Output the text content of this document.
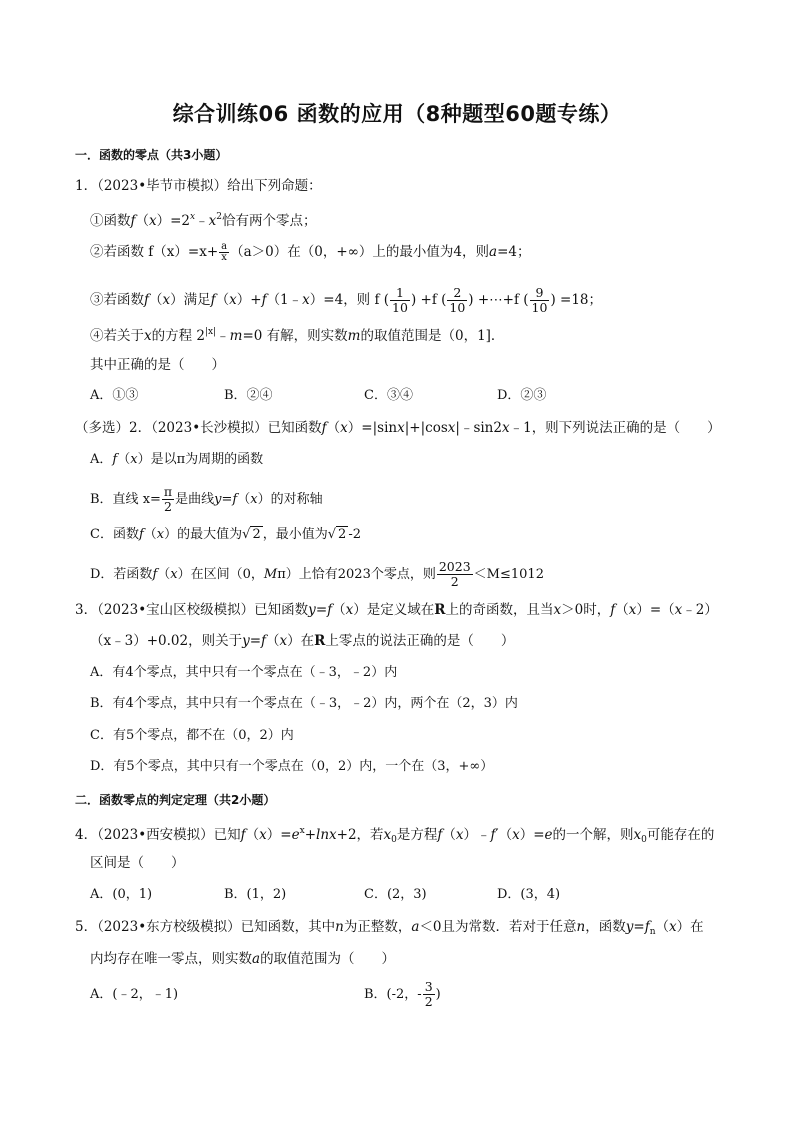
综合训练06 函数的应用（8种题型60题专练）
一．函数的零点（共3小题）
1．（2023•毕节市模拟）给出下列命题：
①函数$f(x)=2^x﹣x^2$恰有两个零点；
②若函数 $f(x)=x+ \frac{a}{x} (a>0)$在（0，+∞）上的最小值为4，则a=4；
③若函数f（x）满足f（x）+f（1﹣x）=4，则 f ( $\frac{1}{10}$ ) +f ( $\frac{2}{10}$ ) +⋯+f ( $\frac{9}{10}$ ) =18；
④若关于x的方程 $2^{|x|}﹣m=0$ 有解，则实数m的取值范围是（0，1]．
其中正确的是（　　）
A．①③	B．②④	C．③④	D．②③
（多选）2．（2023•长沙模拟）已知函数f（x）=|sinx|+|cosx|﹣sin2x﹣1，则下列说法正确的是（　　）
A．f（x）是以π为周期的函数
B．直线 $x= \frac{\pi}{2}$ 是曲线y=f（x）的对称轴
C．函数f（x）的最大值为√ 2 ，最小值为√ 2 -2
D．若函数f（x）在区间（0，Mπ）上恰有2023个零点，则 $\frac{2023}{2} <M\le 1012$
3．（2023•宝山区校级模拟）已知函数y=f（x）是定义域在R上的奇函数，且当x＞0时，f（x）=（x﹣2）
（x﹣3）+0.02，则关于y=f（x）在R上零点的说法正确的是（　　）
A．有4个零点，其中只有一个零点在（﹣3，﹣2）内
B．有4个零点，其中只有一个零点在（﹣3，﹣2）内，两个在（2，3）内
C．有5个零点，都不在（0，2）内
D．有5个零点，其中只有一个零点在（0，2）内，一个在（3，+∞）
二．函数零点的判定定理（共2小题）
4．（2023•西安模拟）已知$f(x)=e^x+\ln x+2$，若$x_0$是方程f（x）﹣f′（x）=e的一个解，则$x_0$可能存在的
区间是（　　）
A．(0，1)	B．(1，2)	C．(2，3)	D．(3，4)
5．（2023•东方校级模拟）已知函数，其中n为正整数，a＜0且为常数．若对于任意n，函数$y=f_n(x)$在
内均存在唯一零点，则实数a的取值范围为（　　）
A．(﹣2，﹣1)	B．(-2，- $\frac{3}{2}$ )
